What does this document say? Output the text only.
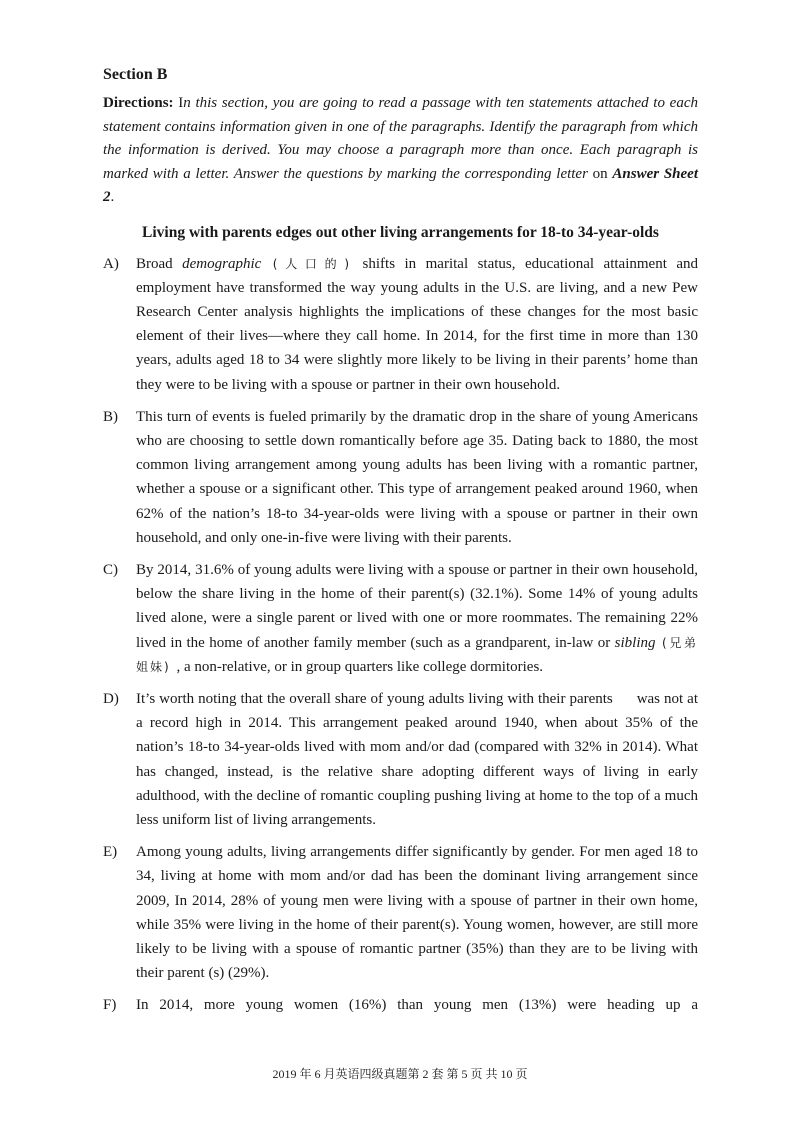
Section B

Directions: In this section, you are going to read a passage with ten statements attached to each statement contains information given in one of the paragraphs. Identify the paragraph from which the information is derived. You may choose a paragraph more than once. Each paragraph is marked with a letter. Answer the questions by marking the corresponding letter on Answer Sheet 2.

Living with parents edges out other living arrangements for 18-to 34-year-olds
A)	Broad demographic (人口的) shifts in marital status, educational attainment and employment have transformed the way young adults in the U.S. are living, and a new Pew Research Center analysis highlights the implications of these changes for the most basic element of their lives—where they call home. In 2014, for the first time in more than 130 years, adults aged 18 to 34 were slightly more likely to be living in their parents’ home than they were to be living with a spouse or partner in their own household.
B)	This turn of events is fueled primarily by the dramatic drop in the share of young Americans who are choosing to settle down romantically before age 35. Dating back to 1880, the most common living arrangement among young adults has been living with a romantic partner, whether a spouse or a significant other. This type of arrangement peaked around 1960, when 62% of the nation’s 18-to 34-year-olds were living with a spouse or partner in their own household, and only one-in-five were living with their parents.
C)	By 2014, 31.6% of young adults were living with a spouse or partner in their own household, below the share living in the home of their parent(s) (32.1%). Some 14% of young adults lived alone, were a single parent or lived with one or more roommates. The remaining 22% lived in the home of another family member (such as a grandparent, in-law or sibling (兄弟姐妹) , a non-relative, or in group quarters like college dormitories.
D)	It’s worth noting that the overall share of young adults living with their parents      was not at a record high in 2014. This arrangement peaked around 1940, when about 35% of the nation’s 18-to 34-year-olds lived with mom and/or dad (compared with 32% in 2014). What has changed, instead, is the relative share adopting different ways of living in early adulthood, with the decline of romantic coupling pushing living at home to the top of a much less uniform list of living arrangements.
E)	Among young adults, living arrangements differ significantly by gender. For men aged 18 to 34, living at home with mom and/or dad has been the dominant living arrangement since 2009, In 2014, 28% of young men were living with a spouse of partner in their own home, while 35% were living in the home of their parent(s). Young women, however, are still more likely to be living with a spouse of romantic partner (35%) than they are to be living with their parent (s) (29%).
F)	In 2014, more young women (16%) than young men (13%) were heading up a
2019 年 6 月英语四级真题第 2 套 第 5 页 共 10 页
